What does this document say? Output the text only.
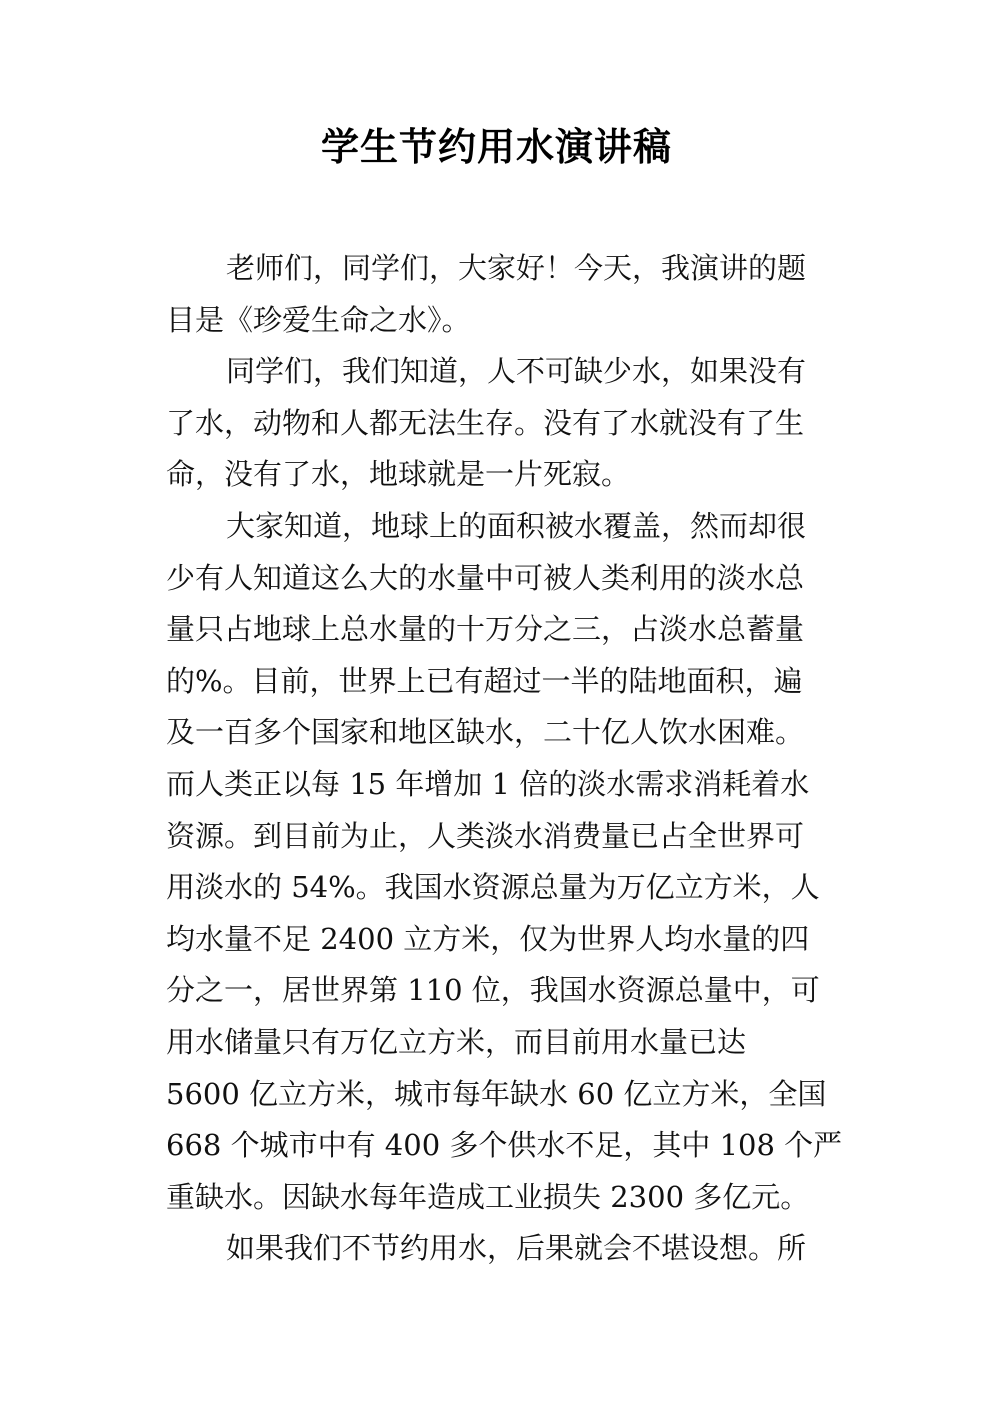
学生节约用水演讲稿
老师们，同学们，大家好！今天，我演讲的题
目是《珍爱生命之水》。
同学们，我们知道，人不可缺少水，如果没有
了水，动物和人都无法生存。没有了水就没有了生
命，没有了水，地球就是一片死寂。
大家知道，地球上的面积被水覆盖，然而却很
少有人知道这么大的水量中可被人类利用的淡水总
量只占地球上总水量的十万分之三，占淡水总蓄量
的%。目前，世界上已有超过一半的陆地面积，遍
及一百多个国家和地区缺水，二十亿人饮水困难。
而人类正以每 15 年增加 1 倍的淡水需求消耗着水
资源。到目前为止，人类淡水消费量已占全世界可
用淡水的 54%。我国水资源总量为万亿立方米，人
均水量不足 2400 立方米，仅为世界人均水量的四
分之一，居世界第 110 位，我国水资源总量中，可
用水储量只有万亿立方米，而目前用水量已达
5600 亿立方米，城市每年缺水 60 亿立方米，全国
668 个城市中有 400 多个供水不足，其中 108 个严
重缺水。因缺水每年造成工业损失 2300 多亿元。
如果我们不节约用水，后果就会不堪设想。所
